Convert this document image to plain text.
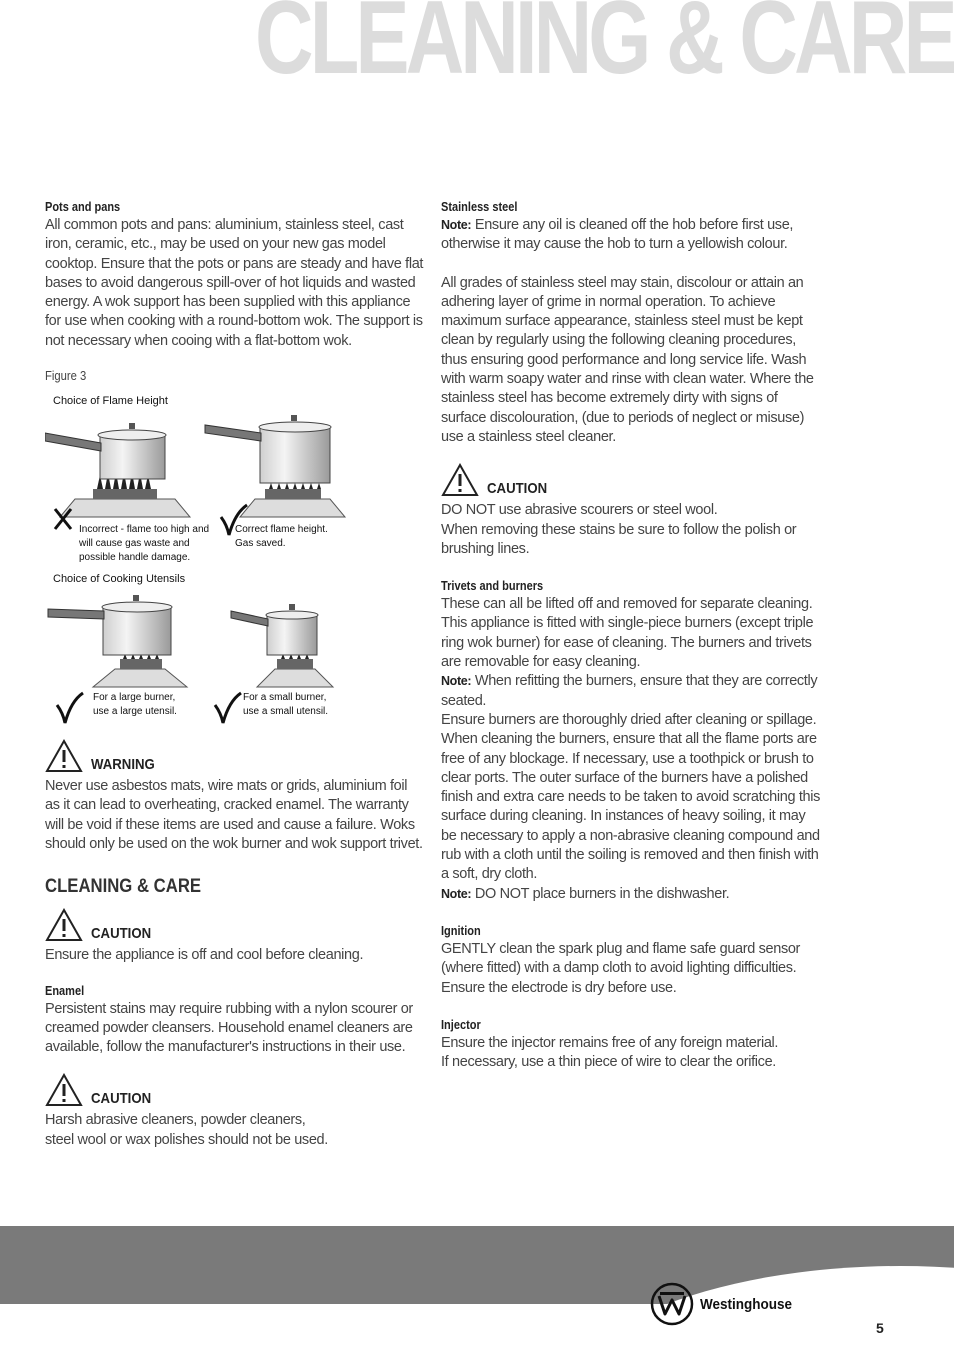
CLEANING & CARE
Pots and pans

All common pots and pans: aluminium, stainless steel, cast iron, ceramic, etc., may be used on your new gas model cooktop. Ensure that the pots or pans are steady and have flat bases to avoid dangerous spill-over of hot liquids and wasted energy. A wok support has been supplied with this appliance for use when cooking with a round-bottom wok. The support is not necessary when cooing with a flat-bottom wok.

Figure 3
Choice of Flame Height
Incorrect - flame too high and
will cause gas waste and
possible handle damage.
Correct flame height.
Gas saved.
Choice of Cooking Utensils
For a large burner,
use a large utensil.
For a small burner,
use a small utensil.
WARNING

Never use asbestos mats, wire mats or grids, aluminium foil as it can lead to overheating, cracked enamel. The warranty will be void if these items are used and cause a failure. Woks should only be used on the wok burner and wok support trivet.

CLEANING & CARE
CAUTION

Ensure the appliance is off and cool before cleaning.

Enamel

Persistent stains may require rubbing with a nylon scourer or creamed powder cleansers. Household enamel cleaners are available, follow the manufacturer's instructions in their use.

CAUTION

Harsh abrasive cleaners, powder cleaners,
steel wool or wax polishes should not be used.

Stainless steel

Note: Ensure any oil is cleaned off the hob before first use, otherwise it may cause the hob to turn a yellowish colour.

All grades of stainless steel may stain, discolour or attain an adhering layer of grime in normal operation. To achieve maximum surface appearance, stainless steel must be kept clean by regularly using the following cleaning procedures, thus ensuring good performance and long service life. Wash with warm soapy water and rinse with clean water. Where the stainless steel has become extremely dirty with signs of surface discolouration, (due to periods of neglect or misuse) use a stainless steel cleaner.

CAUTION

DO NOT use abrasive scourers or steel wool.
When removing these stains be sure to follow the polish or brushing lines.

Trivets and burners

These can all be lifted off and removed for separate cleaning. This appliance is fitted with single-piece burners (except triple ring wok burner) for ease of cleaning. The burners and trivets are removable for easy cleaning.

Note: When refitting the burners, ensure that they are correctly seated.

Ensure burners are thoroughly dried after cleaning or spillage. When cleaning the burners, ensure that all the flame ports are free of any blockage. If necessary, use a toothpick or brush to clear ports. The outer surface of the burners have a polished finish and extra care needs to be taken to avoid scratching this surface during cleaning. In instances of heavy soiling, it may be necessary to apply a non-abrasive cleaning compound and rub with a cloth until the soiling is removed and then finish with a soft, dry cloth.

Note: DO NOT place burners in the dishwasher.

Ignition

GENTLY clean the spark plug and flame safe guard sensor (where fitted) with a damp cloth to avoid lighting difficulties. Ensure the electrode is dry before use.

Injector

Ensure the injector remains free of any foreign material.
If necessary, use a thin piece of wire to clear the orifice.

Westinghouse
5
